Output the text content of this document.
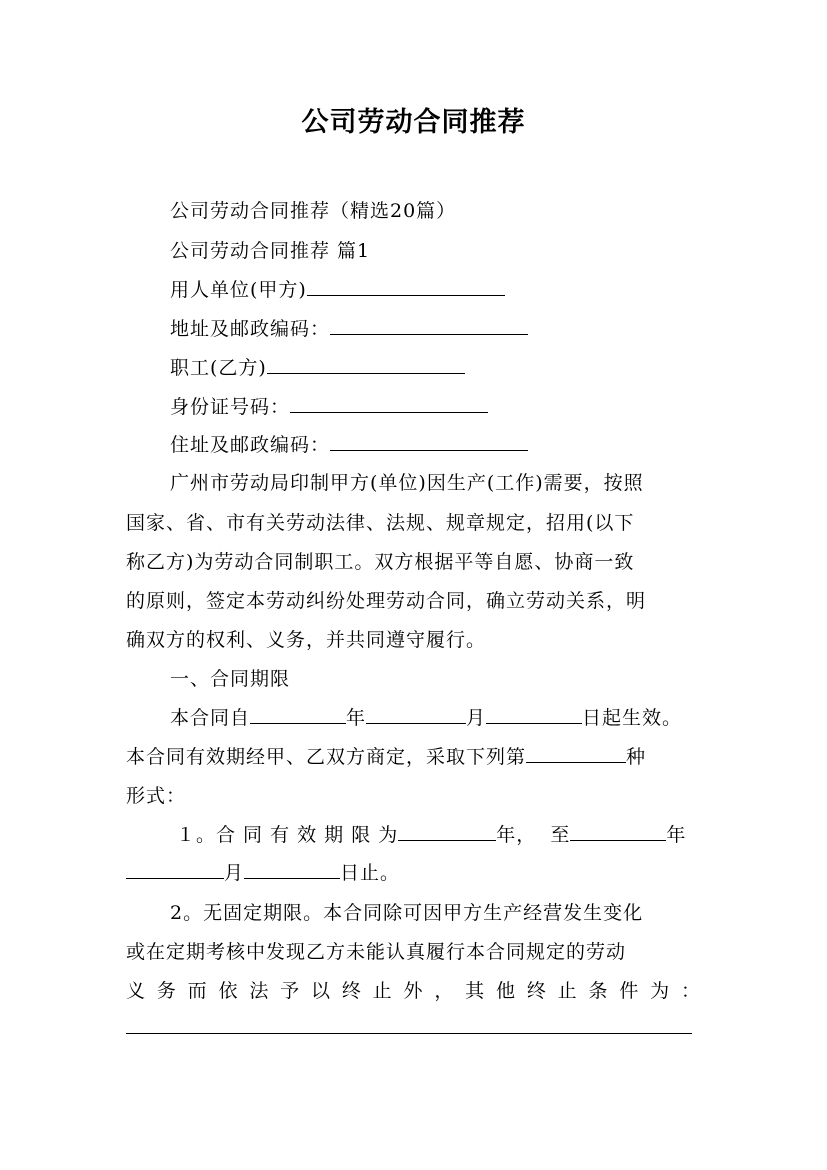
公司劳动合同推荐
公司劳动合同推荐（精选20篇）
公司劳动合同推荐 篇1
用人单位(甲方)
地址及邮政编码：
职工(乙方)
身份证号码：
住址及邮政编码：
广州市劳动局印制甲方(单位)因生产(工作)需要，按照
国家、省、市有关劳动法律、法规、规章规定，招用(以下
称乙方)为劳动合同制职工。双方根据平等自愿、协商一致
的原则，签定本劳动纠纷处理劳动合同，确立劳动关系，明
确双方的权利、义务，并共同遵守履行。
一、合同期限
本合同自	年	月	日起生效。
本合同有效期经甲、乙双方商定，采取下列第	种
形式：
１。合 同 有 效 期 限 为	年，  至	年
月	日止。
2。无固定期限。本合同除可因甲方生产经营发生变化
或在定期考核中发现乙方未能认真履行本合同规定的劳动
义 务 而 依 法 予 以 终 止 外 ， 其 他 终 止 条 件 为 ：
